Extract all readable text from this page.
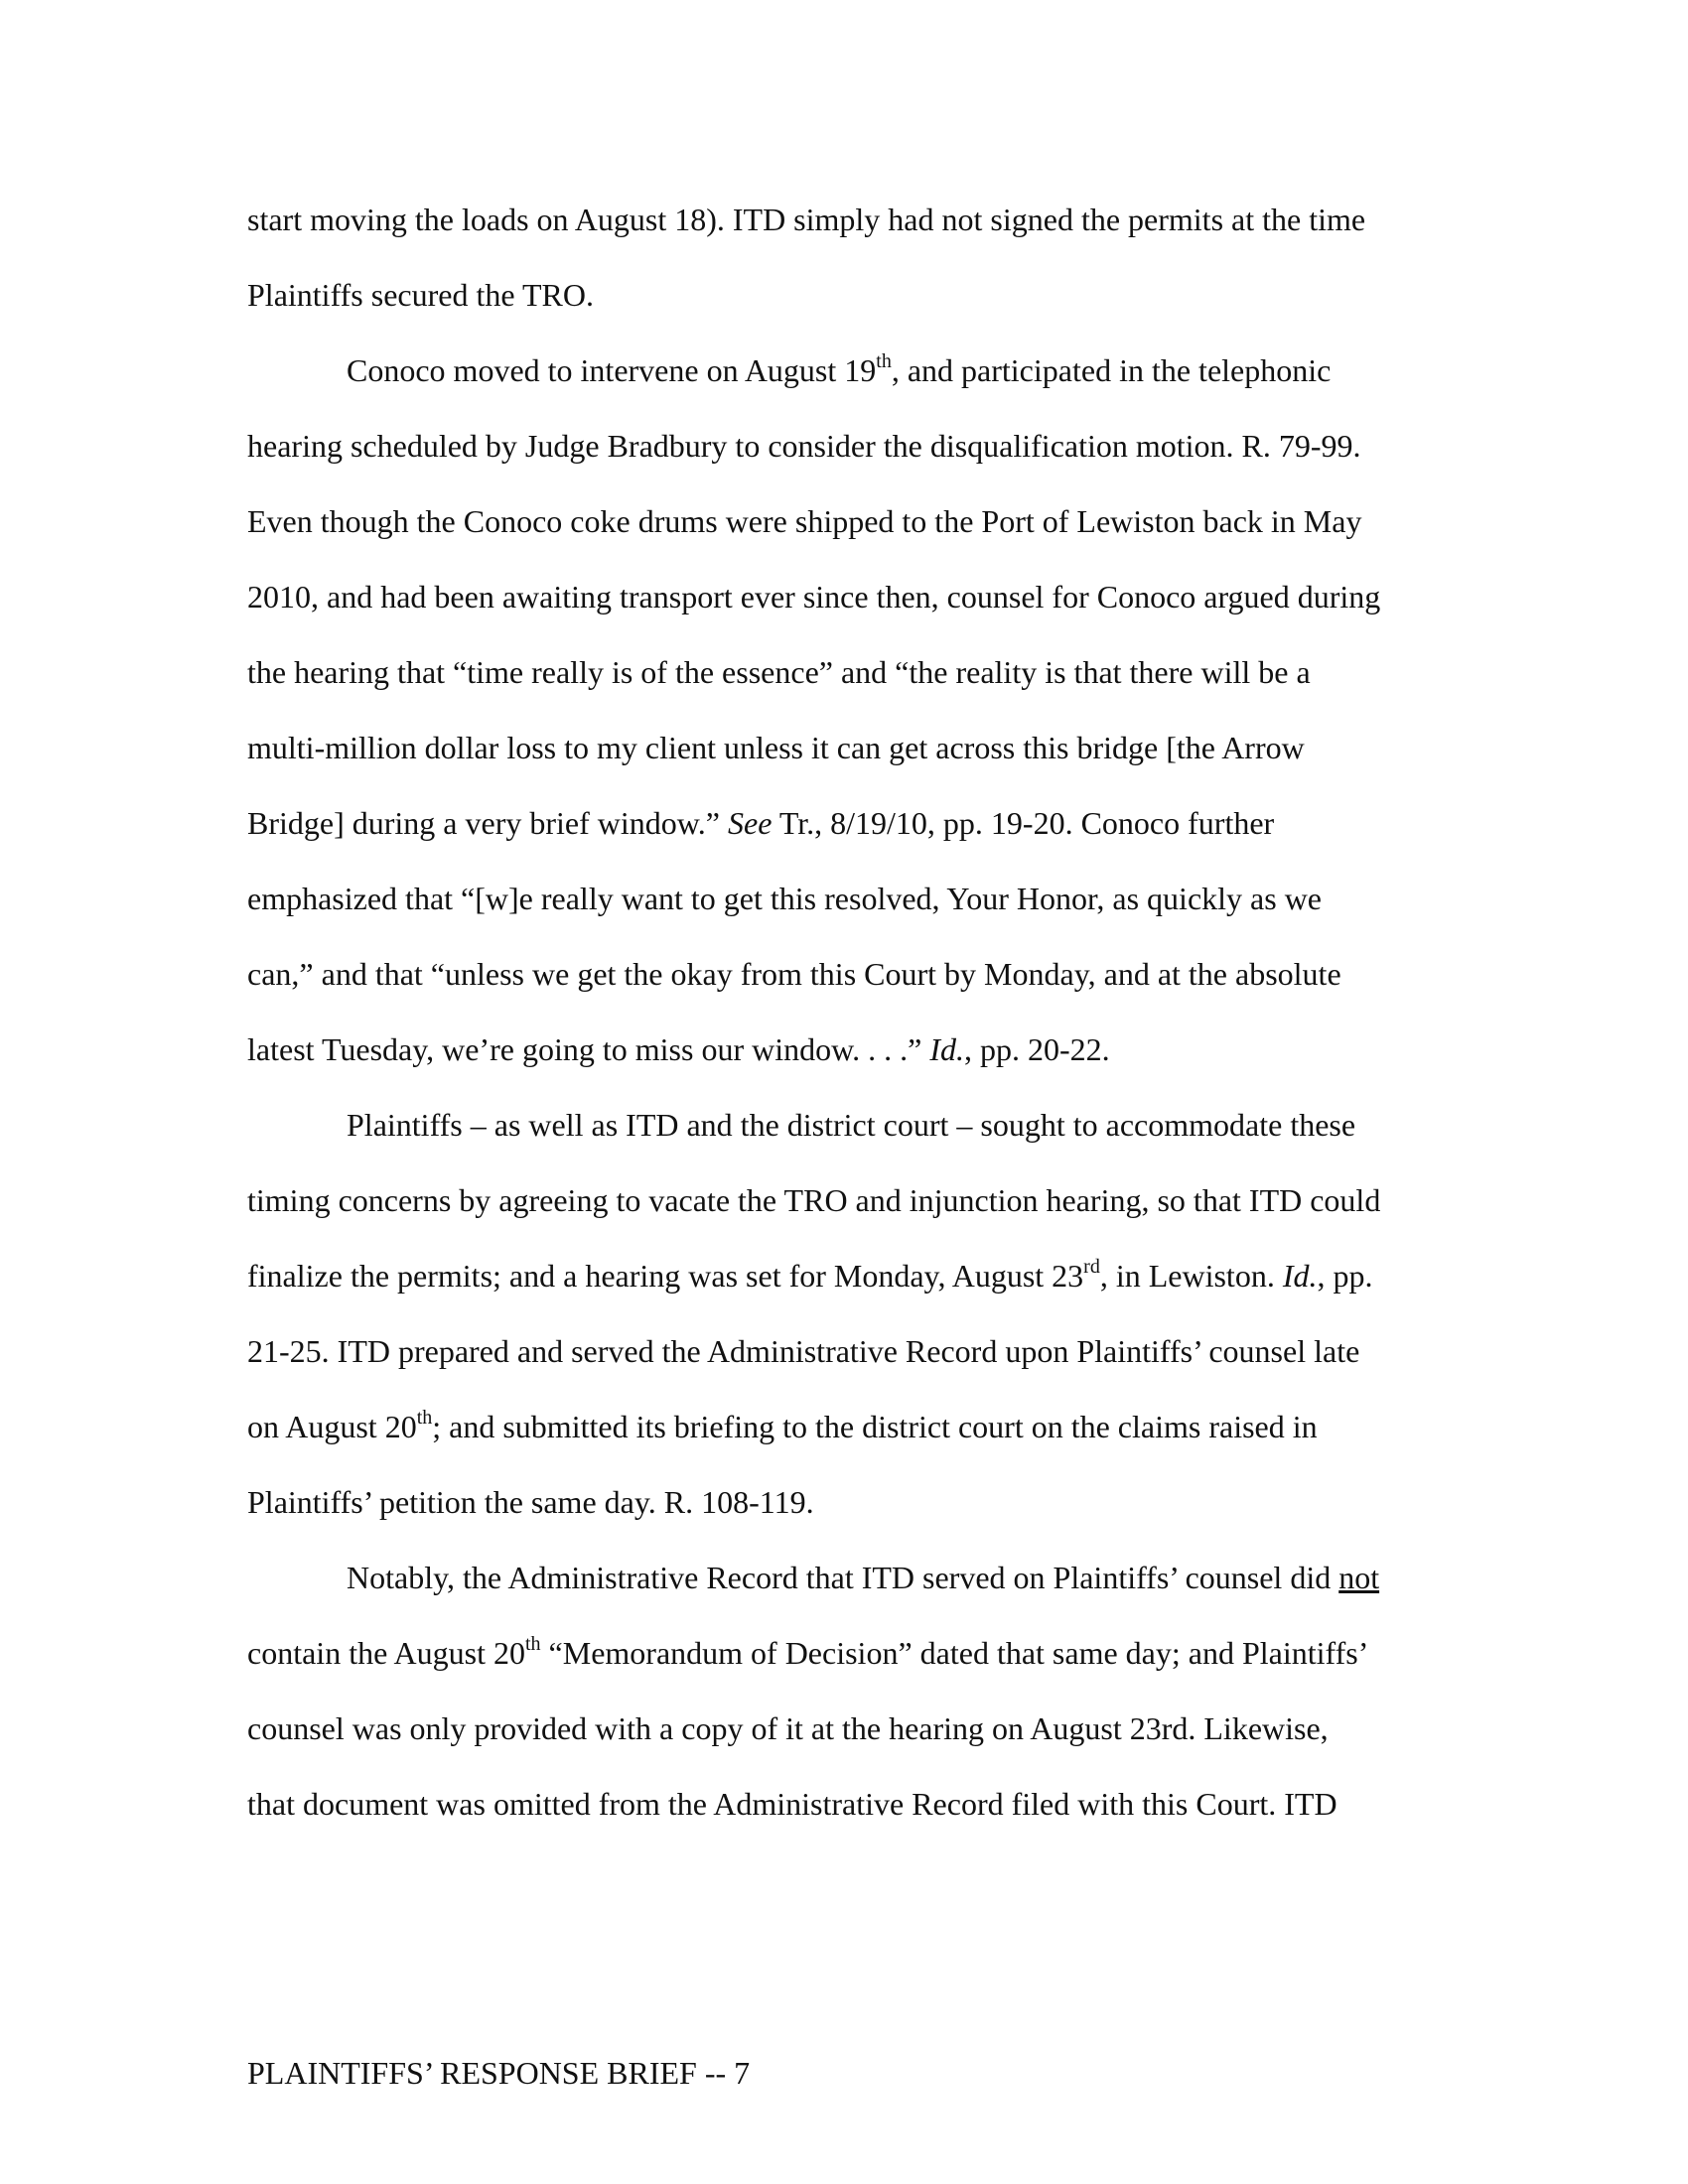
start moving the loads on August 18). ITD simply had not signed the permits at the time
Plaintiffs secured the TRO.
Conoco moved to intervene on August 19th, and participated in the telephonic
hearing scheduled by Judge Bradbury to consider the disqualification motion. R. 79-99.
Even though the Conoco coke drums were shipped to the Port of Lewiston back in May
2010, and had been awaiting transport ever since then, counsel for Conoco argued during
the hearing that “time really is of the essence” and “the reality is that there will be a
multi-million dollar loss to my client unless it can get across this bridge [the Arrow
Bridge] during a very brief window.” See Tr., 8/19/10, pp. 19-20. Conoco further
emphasized that “[w]e really want to get this resolved, Your Honor, as quickly as we
can,” and that “unless we get the okay from this Court by Monday, and at the absolute
latest Tuesday, we’re going to miss our window. . . .” Id., pp. 20-22.
Plaintiffs – as well as ITD and the district court – sought to accommodate these
timing concerns by agreeing to vacate the TRO and injunction hearing, so that ITD could
finalize the permits; and a hearing was set for Monday, August 23rd, in Lewiston. Id., pp.
21-25. ITD prepared and served the Administrative Record upon Plaintiffs’ counsel late
on August 20th; and submitted its briefing to the district court on the claims raised in
Plaintiffs’ petition the same day. R. 108-119.
Notably, the Administrative Record that ITD served on Plaintiffs’ counsel did not
contain the August 20th “Memorandum of Decision” dated that same day; and Plaintiffs’
counsel was only provided with a copy of it at the hearing on August 23rd. Likewise,
that document was omitted from the Administrative Record filed with this Court. ITD
PLAINTIFFS’ RESPONSE BRIEF -- 7
